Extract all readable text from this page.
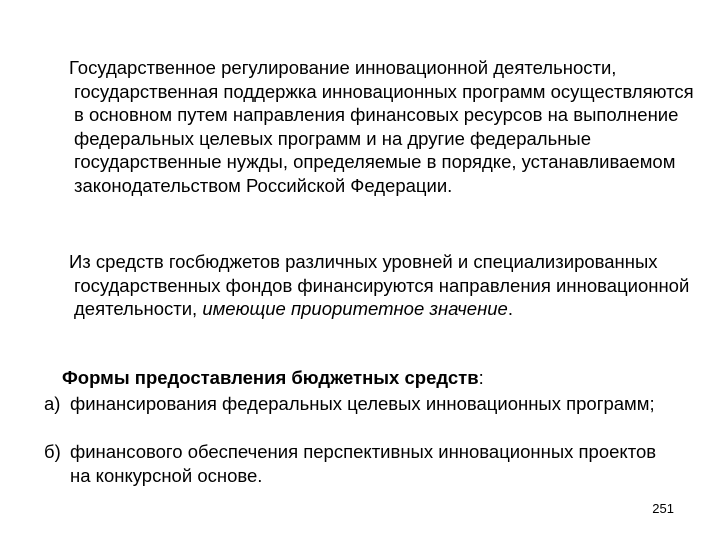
Государственное регулирование инновационной деятельности, государственная поддержка инновационных программ осуществляются в основном путем направления финансовых ресурсов на выполнение федеральных целевых программ и на другие федеральные государственные нужды, определяемые в порядке, устанавливаемом законодательством Российской Федерации.

Из средств госбюджетов различных уровней и специализированных государственных фондов финансируются направления инновационной деятельности, имеющие приоритетное значение.

Формы предоставления бюджетных средств:
а) финансирования федеральных целевых инновационных программ;
б) финансового обеспечения перспективных инновационных проектов на конкурсной основе.
251
